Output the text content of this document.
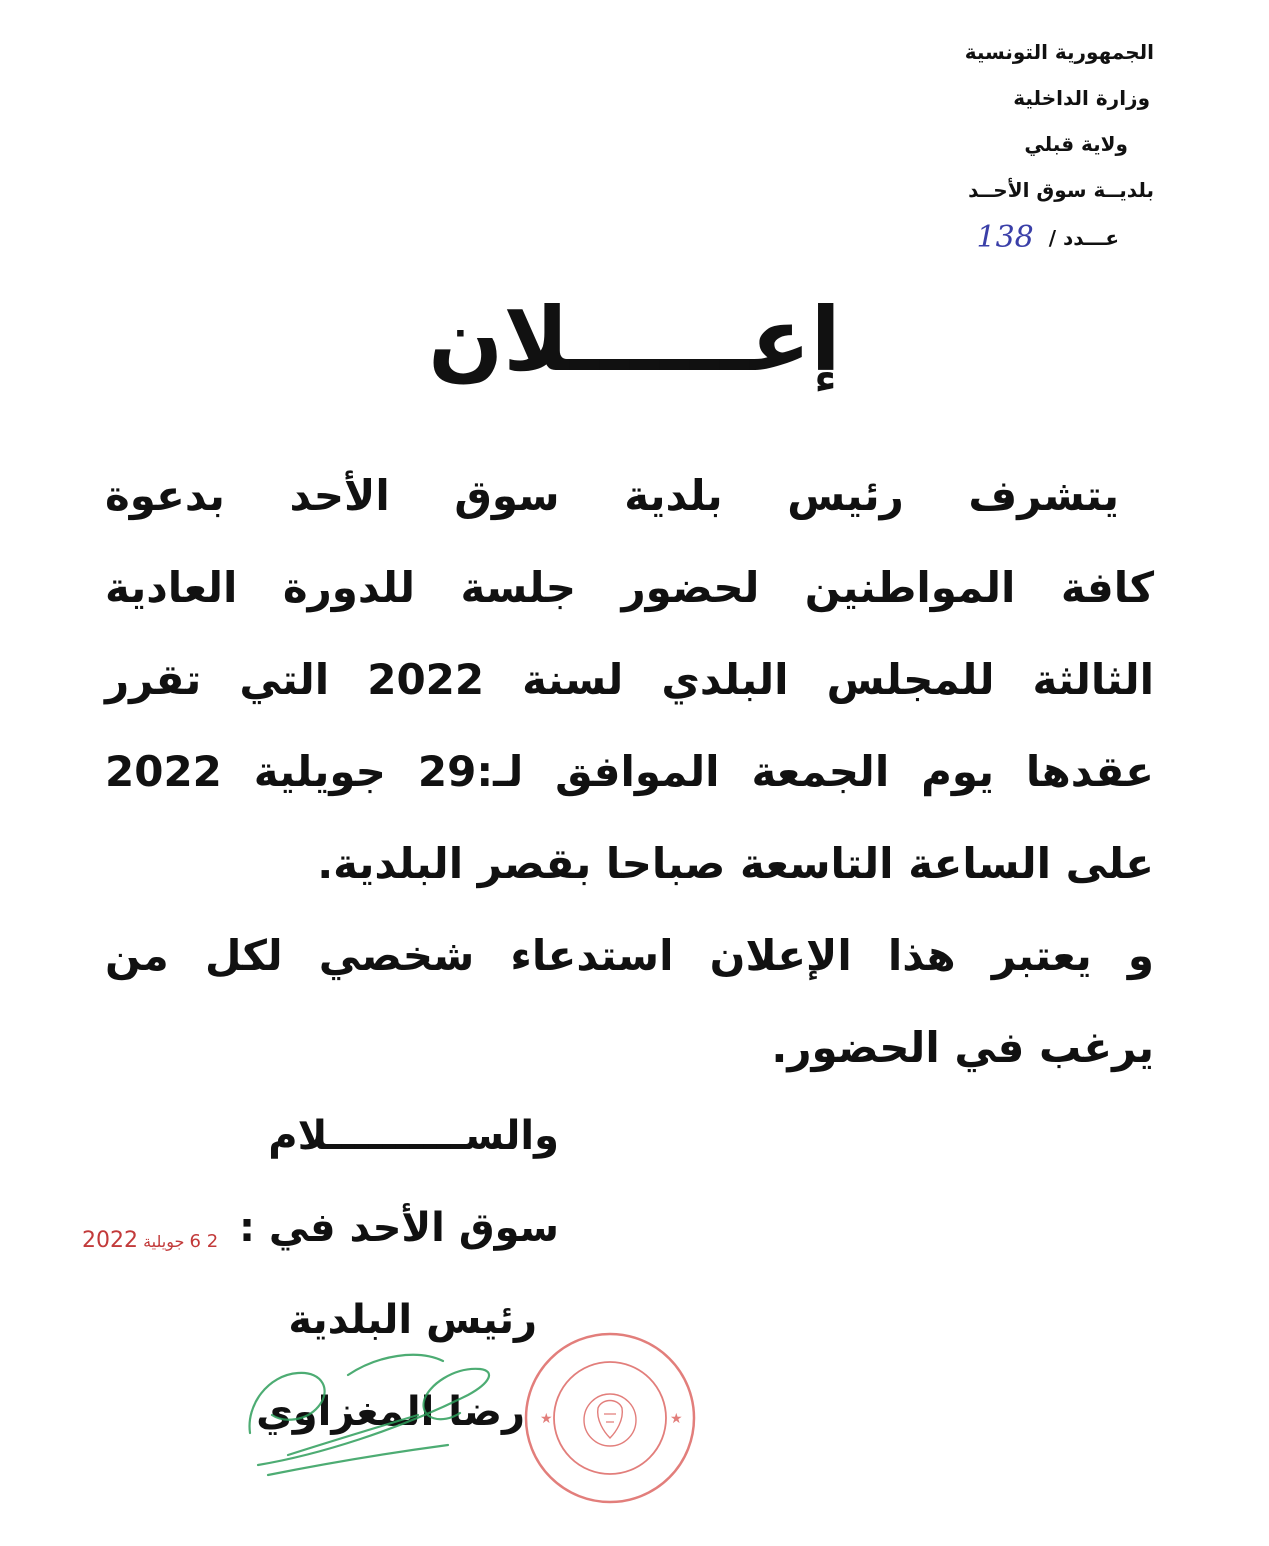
الجمهورية التونسية
وزارة الداخلية
ولاية قبلي
بلديــة سوق الأحــد
عـــدد / 138
إعــــــلان
يتشرف رئيس بلدية سوق الأحد بدعوة
كافة المواطنين لحضور جلسة للدورة العادية
الثالثة للمجلس البلدي لسنة 2022 التي تقرر
عقدها يوم الجمعة الموافق لـ:29 جويلية 2022
على الساعة التاسعة صباحا بقصر البلدية.
و يعتبر هذا الإعلان استدعاء شخصي لكل من
يرغب في الحضور.
والســــــــــلام
سوق الأحد في :
رئيس البلدية
رضا المغزاوي
2 6 جويلية 2022
★	★
